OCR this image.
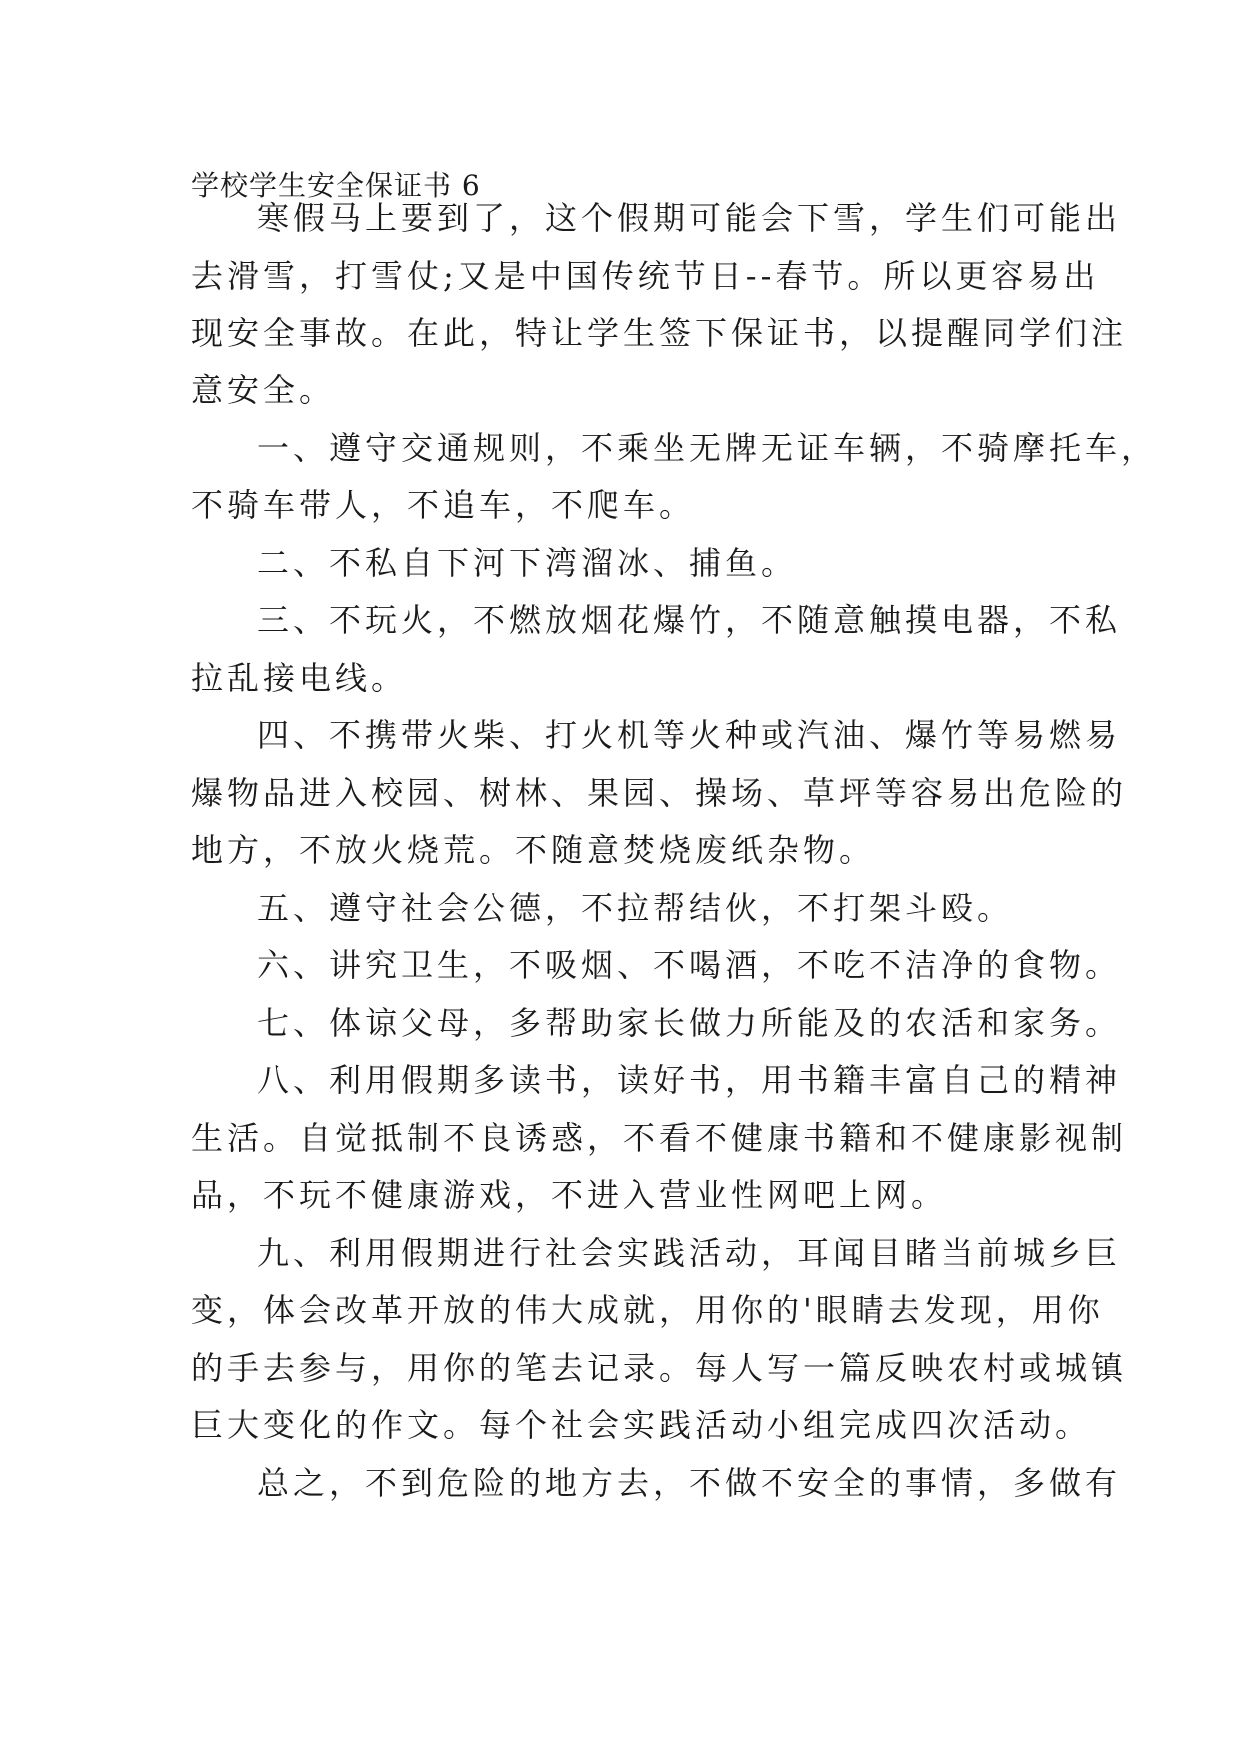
学校学生安全保证书 6
寒假马上要到了，这个假期可能会下雪，学生们可能出
去滑雪，打雪仗;又是中国传统节日--春节。所以更容易出
现安全事故。在此，特让学生签下保证书，以提醒同学们注
意安全。
一、遵守交通规则，不乘坐无牌无证车辆，不骑摩托车，
不骑车带人，不追车，不爬车。
二、不私自下河下湾溜冰、捕鱼。
三、不玩火，不燃放烟花爆竹，不随意触摸电器，不私
拉乱接电线。
四、不携带火柴、打火机等火种或汽油、爆竹等易燃易
爆物品进入校园、树林、果园、操场、草坪等容易出危险的
地方，不放火烧荒。不随意焚烧废纸杂物。
五、遵守社会公德，不拉帮结伙，不打架斗殴。
六、讲究卫生，不吸烟、不喝酒，不吃不洁净的食物。
七、体谅父母，多帮助家长做力所能及的农活和家务。
八、利用假期多读书，读好书，用书籍丰富自己的精神
生活。自觉抵制不良诱惑，不看不健康书籍和不健康影视制
品，不玩不健康游戏，不进入营业性网吧上网。
九、利用假期进行社会实践活动，耳闻目睹当前城乡巨
变，体会改革开放的伟大成就，用你的'眼睛去发现，用你
的手去参与，用你的笔去记录。每人写一篇反映农村或城镇
巨大变化的作文。每个社会实践活动小组完成四次活动。
总之，不到危险的地方去，不做不安全的事情，多做有
